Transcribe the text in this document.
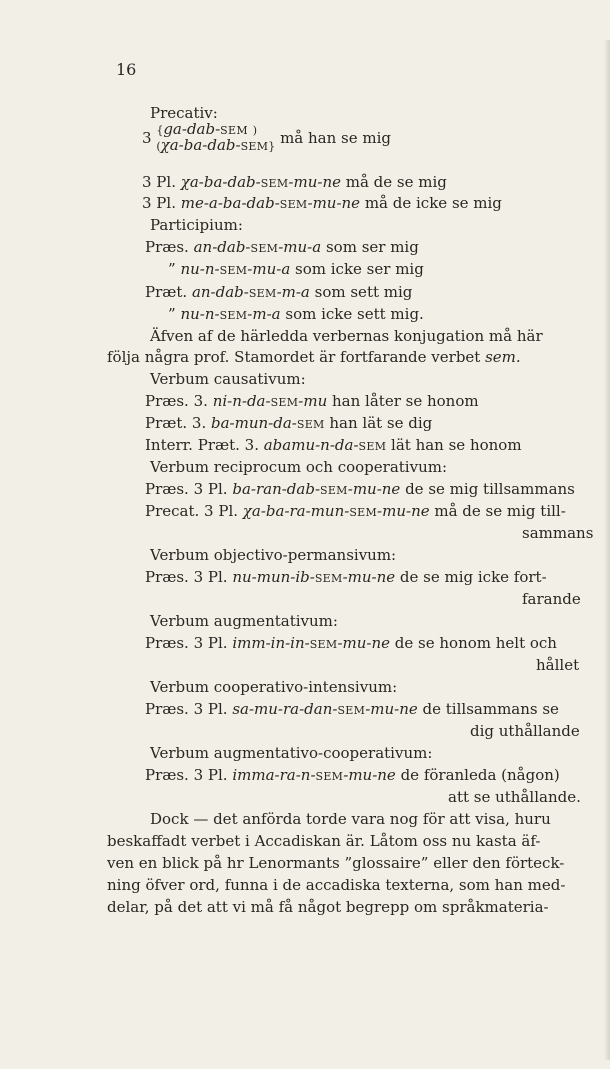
16
Precativ:
3 {ga-dab-SEM )
(χa-ba-dab-SEM} må han se mig
3 Pl. χa-ba-dab-SEM-mu-ne må de se mig
3 Pl. me-a-ba-dab-SEM-mu-ne må de icke se mig
Participium:
Præs. an-dab-SEM-mu-a som ser mig
” nu-n-SEM-mu-a som icke ser mig
Præt. an-dab-SEM-m-a som sett mig
” nu-n-SEM-m-a som icke sett mig.
Äfven af de härledda verbernas konjugation må här
följa några prof. Stamordet är fortfarande verbet sem.
Verbum causativum:
Præs. 3. ni-n-da-SEM-mu han låter se honom
Præt. 3. ba-mun-da-SEM han lät se dig
Interr. Præt. 3. abamu-n-da-SEM lät han se honom
Verbum reciprocum och cooperativum:
Præs. 3 Pl. ba-ran-dab-SEM-mu-ne de se mig tillsammans
Precat. 3 Pl. χa-ba-ra-mun-SEM-mu-ne må de se mig till-
sammans
Verbum objectivo-permansivum:
Præs. 3 Pl. nu-mun-ib-SEM-mu-ne de se mig icke fort-
farande
Verbum augmentativum:
Præs. 3 Pl. imm-in-in-SEM-mu-ne de se honom helt och
hållet
Verbum cooperativo-intensivum:
Præs. 3 Pl. sa-mu-ra-dan-SEM-mu-ne de tillsammans se
dig uthållande
Verbum augmentativo-cooperativum:
Præs. 3 Pl. imma-ra-n-SEM-mu-ne de föranleda (någon)
att se uthållande.
Dock — det anförda torde vara nog för att visa, huru
beskaffadt verbet i Accadiskan är. Låtom oss nu kasta äf-
ven en blick på hr Lenormants ”glossaire” eller den förteck-
ning öfver ord, funna i de accadiska texterna, som han med-
delar, på det att vi må få något begrepp om språkmateria-
